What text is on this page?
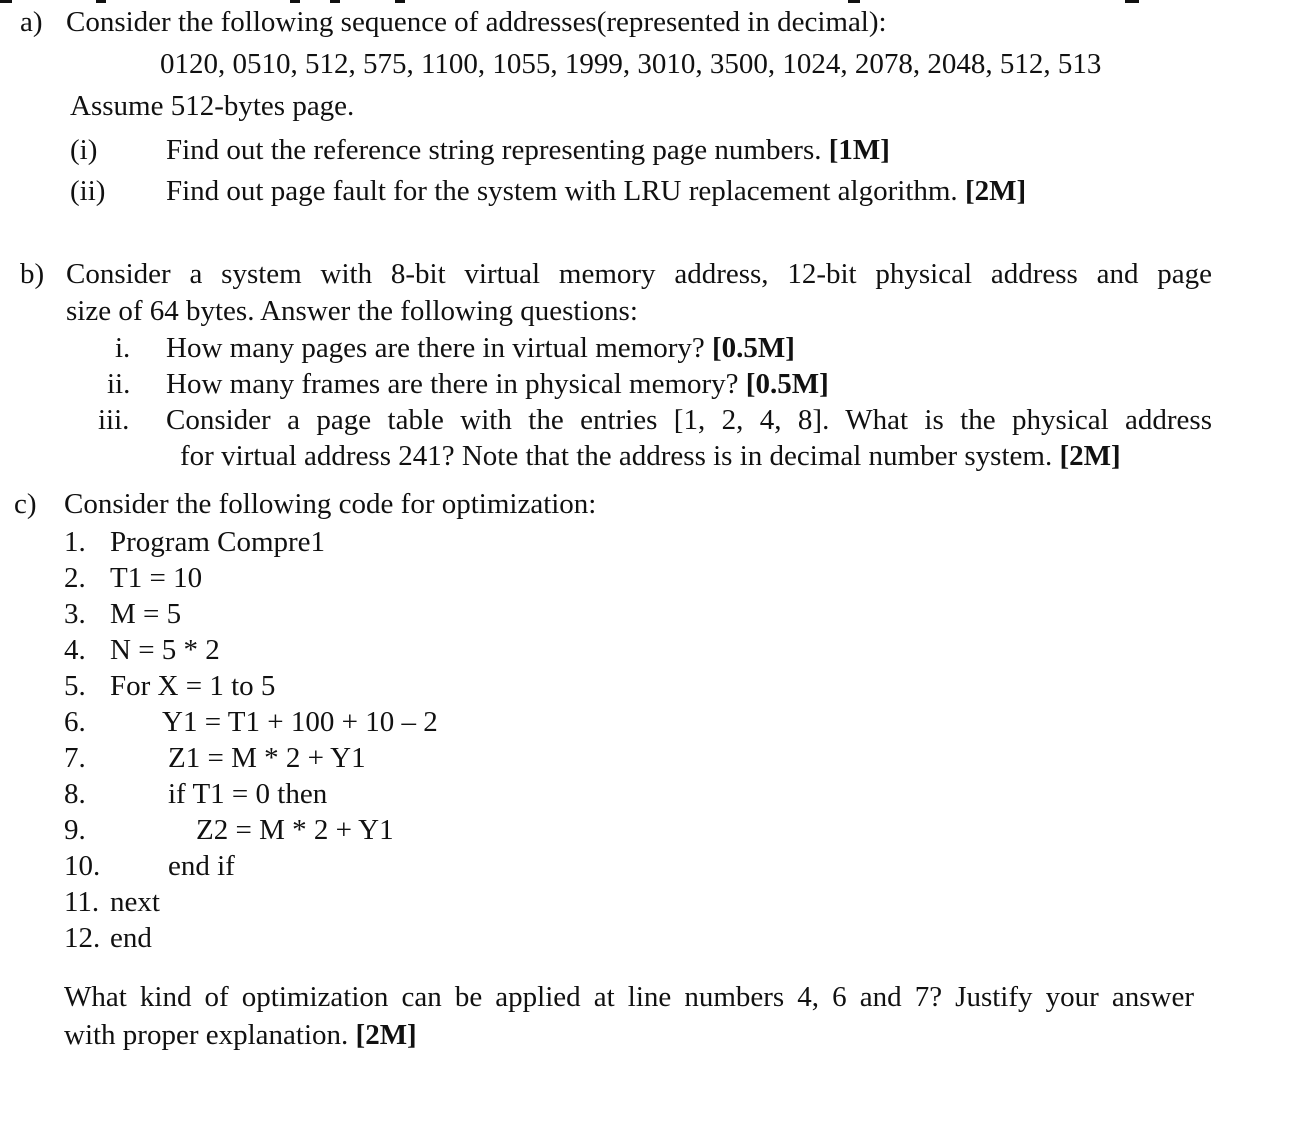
a) Consider the following sequence of addresses(represented in decimal):
0120, 0510, 512, 575, 1100, 1055, 1999, 3010, 3500, 1024, 2078, 2048, 512, 513
Assume 512-bytes page.
(i) Find out the reference string representing page numbers. [1M]
(ii) Find out page fault for the system with LRU replacement algorithm. [2M]
b) Consider a system with 8-bit virtual memory address, 12-bit physical address and page
size of 64 bytes. Answer the following questions:
i. How many pages are there in virtual memory? [0.5M]
ii. How many frames are there in physical memory? [0.5M]
iii. Consider a page table with the entries [1, 2, 4, 8]. What is the physical address
for virtual address 241? Note that the address is in decimal number system. [2M]
c) Consider the following code for optimization:
1. Program Compre1
2. T1 = 10
3. M = 5
4. N = 5 * 2
5. For X = 1 to 5
6.	Y1 = T1 + 100 + 10 – 2
7.	Z1 = M * 2 + Y1
8.	if T1 = 0 then
9.	Z2 = M * 2 + Y1
10. end if
11. next
12. end
What kind of optimization can be applied at line numbers 4, 6 and 7? Justify your answer
with proper explanation. [2M]
